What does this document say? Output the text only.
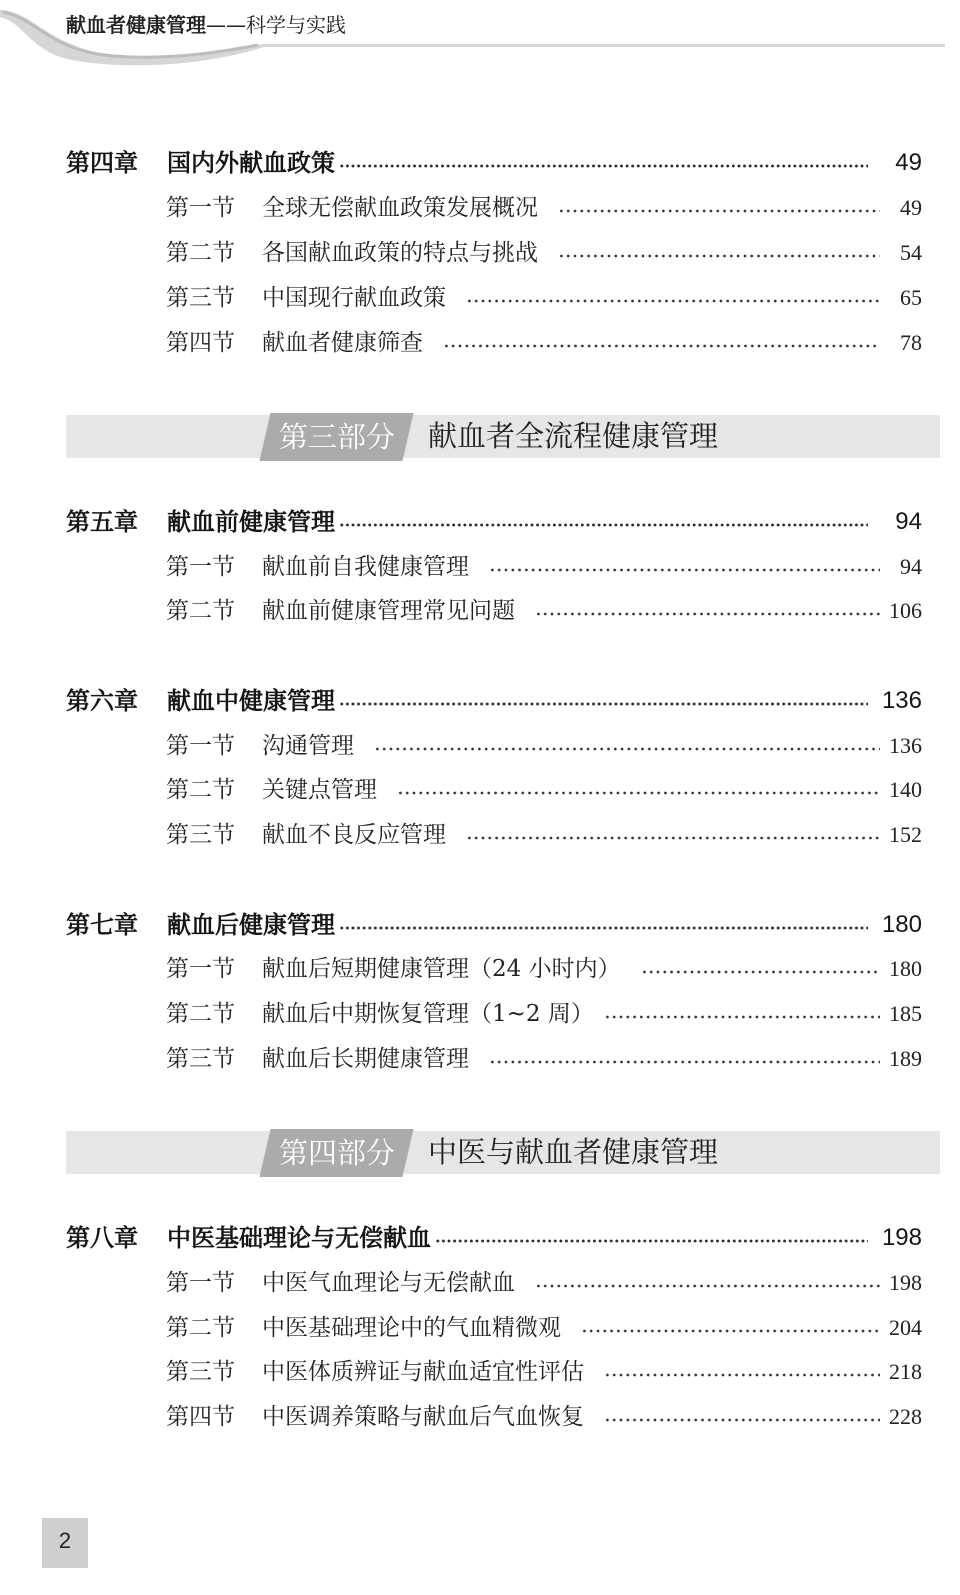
献血者健康管理——科学与实践
第四章	国内外献血政策	49
第一节	全球无偿献血政策发展概况	49
第二节	各国献血政策的特点与挑战	54
第三节	中国现行献血政策	65
第四节	献血者健康筛查	78
第三部分	献血者全流程健康管理
第五章	献血前健康管理	94
第一节	献血前自我健康管理	94
第二节	献血前健康管理常见问题	106
第六章	献血中健康管理	136
第一节	沟通管理	136
第二节	关键点管理	140
第三节	献血不良反应管理	152
第七章	献血后健康管理	180
第一节	献血后短期健康管理（24 小时内）	180
第二节	献血后中期恢复管理（1~2 周）	185
第三节	献血后长期健康管理	189
第四部分	中医与献血者健康管理
第八章	中医基础理论与无偿献血	198
第一节	中医气血理论与无偿献血	198
第二节	中医基础理论中的气血精微观	204
第三节	中医体质辨证与献血适宜性评估	218
第四节	中医调养策略与献血后气血恢复	228
2
